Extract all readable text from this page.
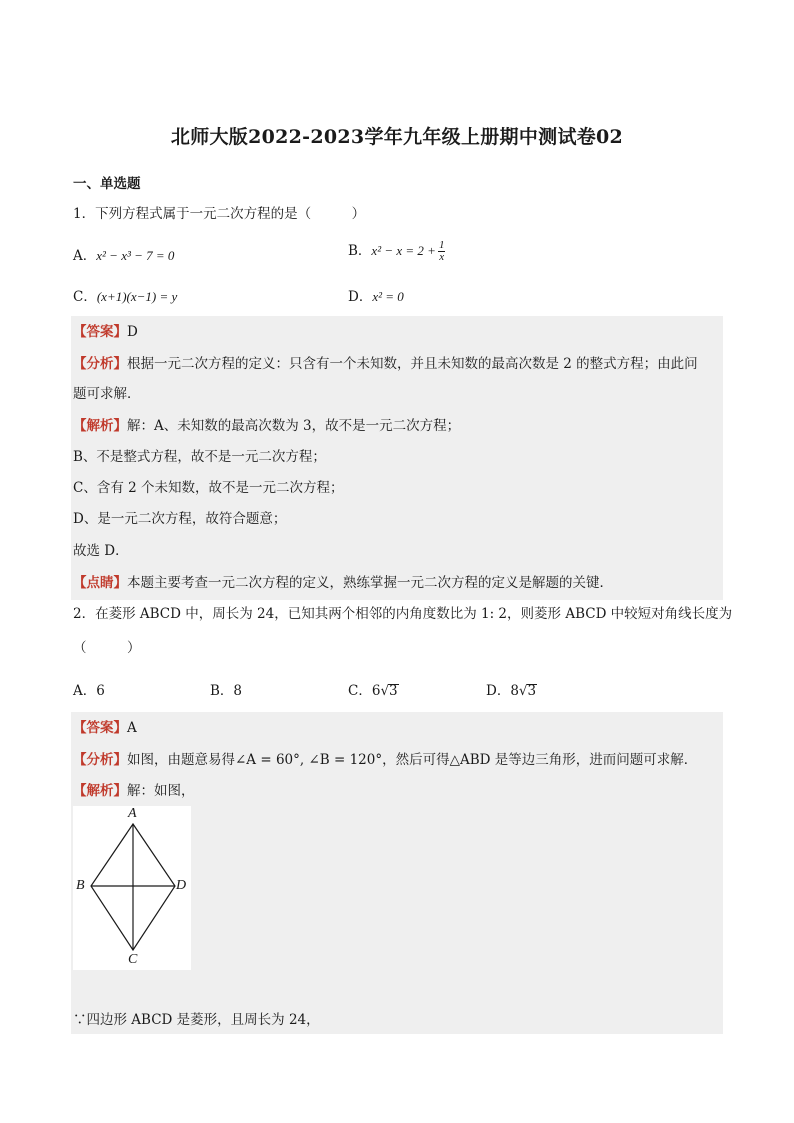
北师大版2022-2023学年九年级上册期中测试卷02
一、单选题
1．下列方程式属于一元二次方程的是（　　　）
A．x² − x³ − 7 = 0	B．$x^2 - x = 2 + \frac{1}{x}$
C．(x+1)(x−1) = y	D．x² = 0
【答案】D
【分析】根据一元二次方程的定义：只含有一个未知数，并且未知数的最高次数是 2 的整式方程；由此问
题可求解．
【解析】解：A、未知数的最高次数为 3，故不是一元二次方程；
B、不是整式方程，故不是一元二次方程；
C、含有 2 个未知数，故不是一元二次方程；
D、是一元二次方程，故符合题意；
故选 D．
【点睛】本题主要考查一元二次方程的定义，熟练掌握一元二次方程的定义是解题的关键．
2．在菱形 ABCD 中，周长为 24，已知其两个相邻的内角度数比为 1: 2，则菱形 ABCD 中较短对角线长度为
（　　　）
A．6	B．8	C．6√3	D．8√3
【答案】A
【分析】如图，由题意易得∠A = 60°, ∠B = 120°，然后可得△ABD 是等边三角形，进而问题可求解．
【解析】解：如图，
A
B
C
D
∵四边形 ABCD 是菱形，且周长为 24，
